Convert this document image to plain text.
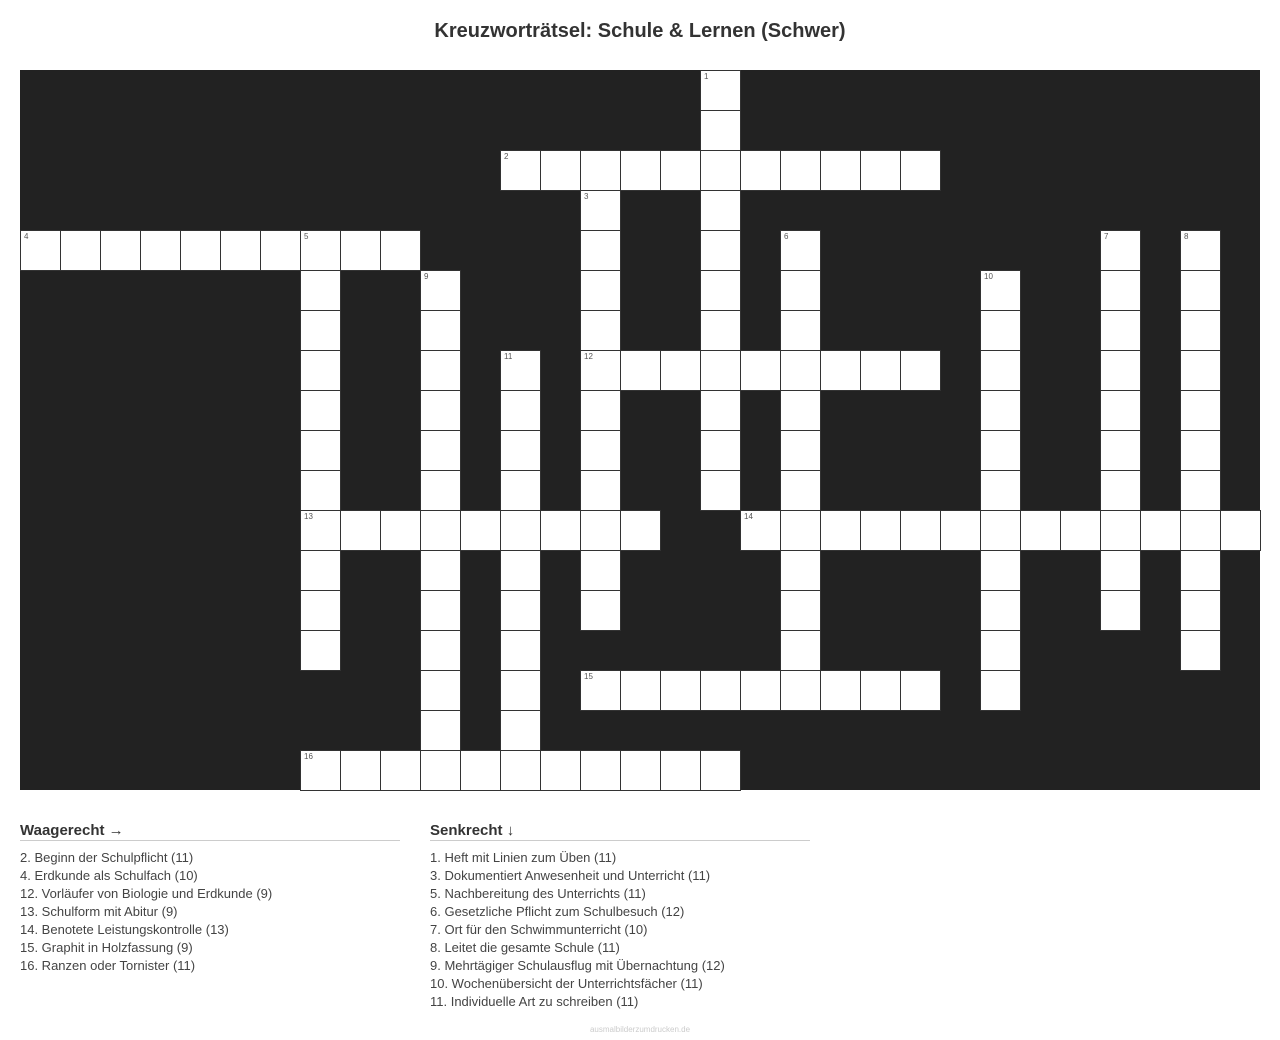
Kreuzworträtsel: Schule & Lernen (Schwer)
1
2
3
12
4	5
13
6	7	8
9	10
11
14
15
16
Waagerecht →
2. Beginn der Schulpflicht (11)
4. Erdkunde als Schulfach (10)
12. Vorläufer von Biologie und Erdkunde (9)
13. Schulform mit Abitur (9)
14. Benotete Leistungskontrolle (13)
15. Graphit in Holzfassung (9)
16. Ranzen oder Tornister (11)
Senkrecht ↓
1. Heft mit Linien zum Üben (11)
3. Dokumentiert Anwesenheit und Unterricht (11)
5. Nachbereitung des Unterrichts (11)
6. Gesetzliche Pflicht zum Schulbesuch (12)
7. Ort für den Schwimmunterricht (10)
8. Leitet die gesamte Schule (11)
9. Mehrtägiger Schulausflug mit Übernachtung (12)
10. Wochenübersicht der Unterrichtsfächer (11)
11. Individuelle Art zu schreiben (11)
ausmalbilderzumdrucken.de
